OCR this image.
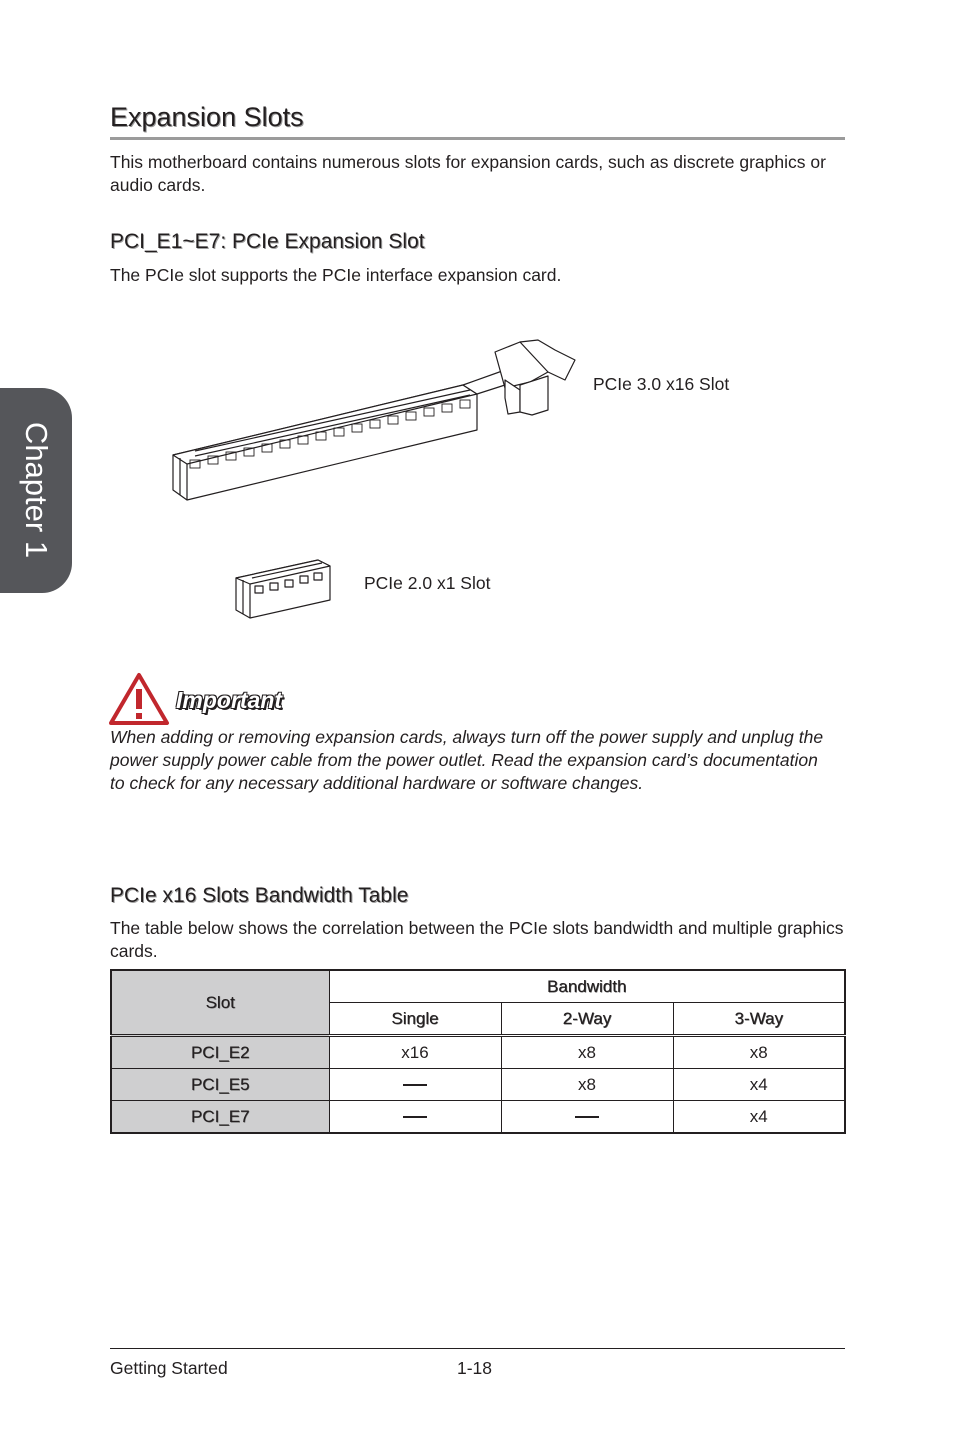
Chapter 1
Expansion Slots

This motherboard contains numerous slots for expansion cards, such as discrete graphics or audio cards.

PCI_E1~E7: PCIe Expansion Slot

The PCIe slot supports the PCIe interface expansion card.

PCIe 3.0 x16 Slot
PCIe 2.0 x1 Slot
Important

When adding or removing expansion cards, always turn off the power supply and unplug the power supply power cable from the power outlet. Read the expansion card’s documentation to check for any necessary additional hardware or software changes.

PCIe x16 Slots Bandwidth Table

The table below shows the correlation between the PCIe slots bandwidth and multiple graphics cards.

Slot	Bandwidth		
	Single	2-Way	3-Way
PCI_E2	x16	x8	x8
PCI_E5		x8	x4
PCI_E7			x4
Getting Started	1-18
